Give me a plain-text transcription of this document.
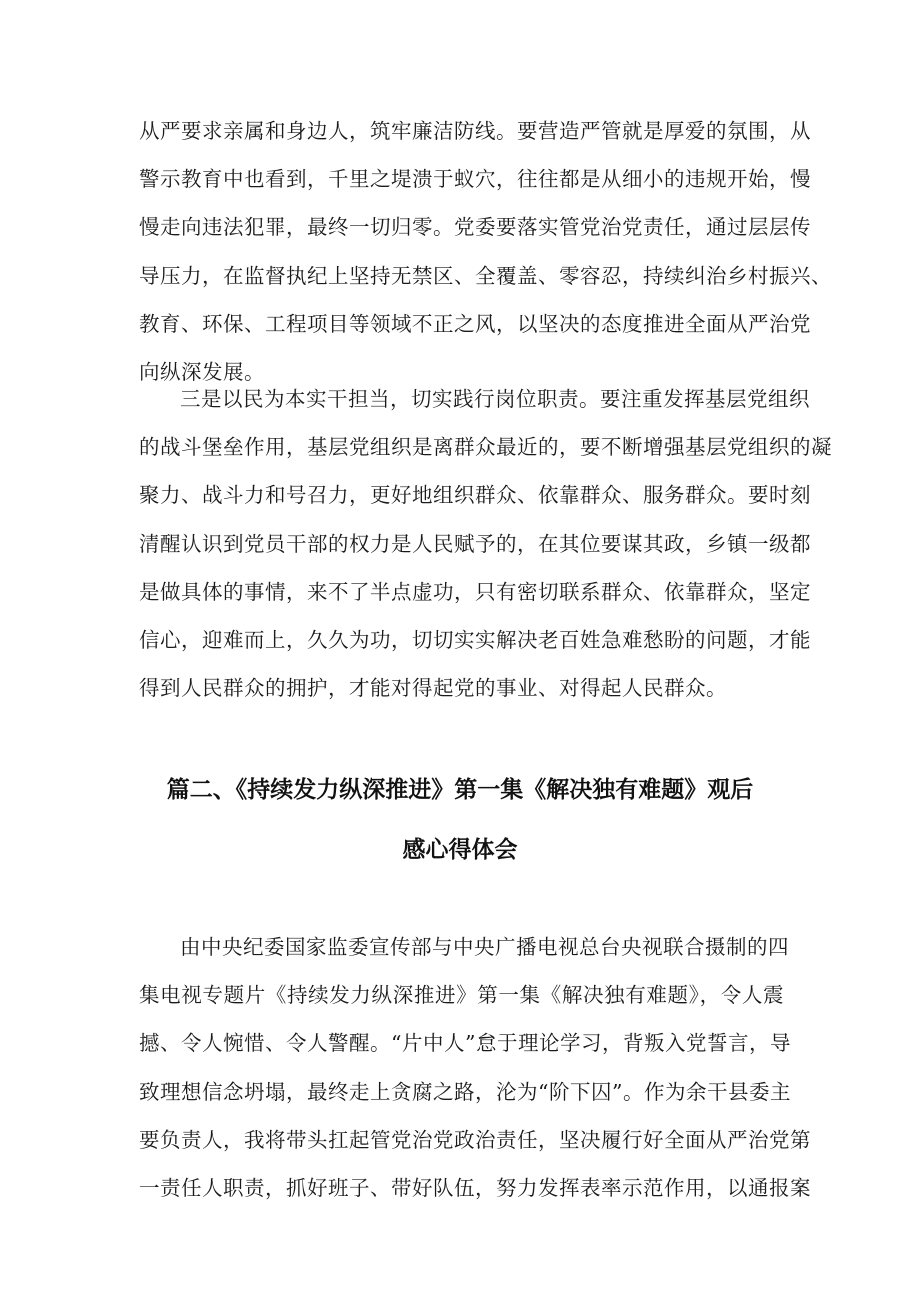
从严要求亲属和身边人，筑牢廉洁防线。要营造严管就是厚爱的氛围，从
警示教育中也看到，千里之堤溃于蚁穴，往往都是从细小的违规开始，慢
慢走向违法犯罪，最终一切归零。党委要落实管党治党责任，通过层层传
导压力，在监督执纪上坚持无禁区、全覆盖、零容忍，持续纠治乡村振兴、
教育、环保、工程项目等领域不正之风，以坚决的态度推进全面从严治党
向纵深发展。
三是以民为本实干担当，切实践行岗位职责。要注重发挥基层党组织
的战斗堡垒作用，基层党组织是离群众最近的，要不断增强基层党组织的凝
聚力、战斗力和号召力，更好地组织群众、依靠群众、服务群众。要时刻
清醒认识到党员干部的权力是人民赋予的，在其位要谋其政，乡镇一级都
是做具体的事情，来不了半点虚功，只有密切联系群众、依靠群众，坚定
信心，迎难而上，久久为功，切切实实解决老百姓急难愁盼的问题，才能
得到人民群众的拥护，才能对得起党的事业、对得起人民群众。
篇二、《持续发力纵深推进》第一集《解决独有难题》观后
感心得体会
由中央纪委国家监委宣传部与中央广播电视总台央视联合摄制的四
集电视专题片《持续发力纵深推进》第一集《解决独有难题》，令人震
撼、令人惋惜、令人警醒。“片中人”怠于理论学习，背叛入党誓言，导
致理想信念坍塌，最终走上贪腐之路，沦为“阶下囚”。作为余干县委主
要负责人，我将带头扛起管党治党政治责任，坚决履行好全面从严治党第
一责任人职责，抓好班子、带好队伍，努力发挥表率示范作用，以通报案
